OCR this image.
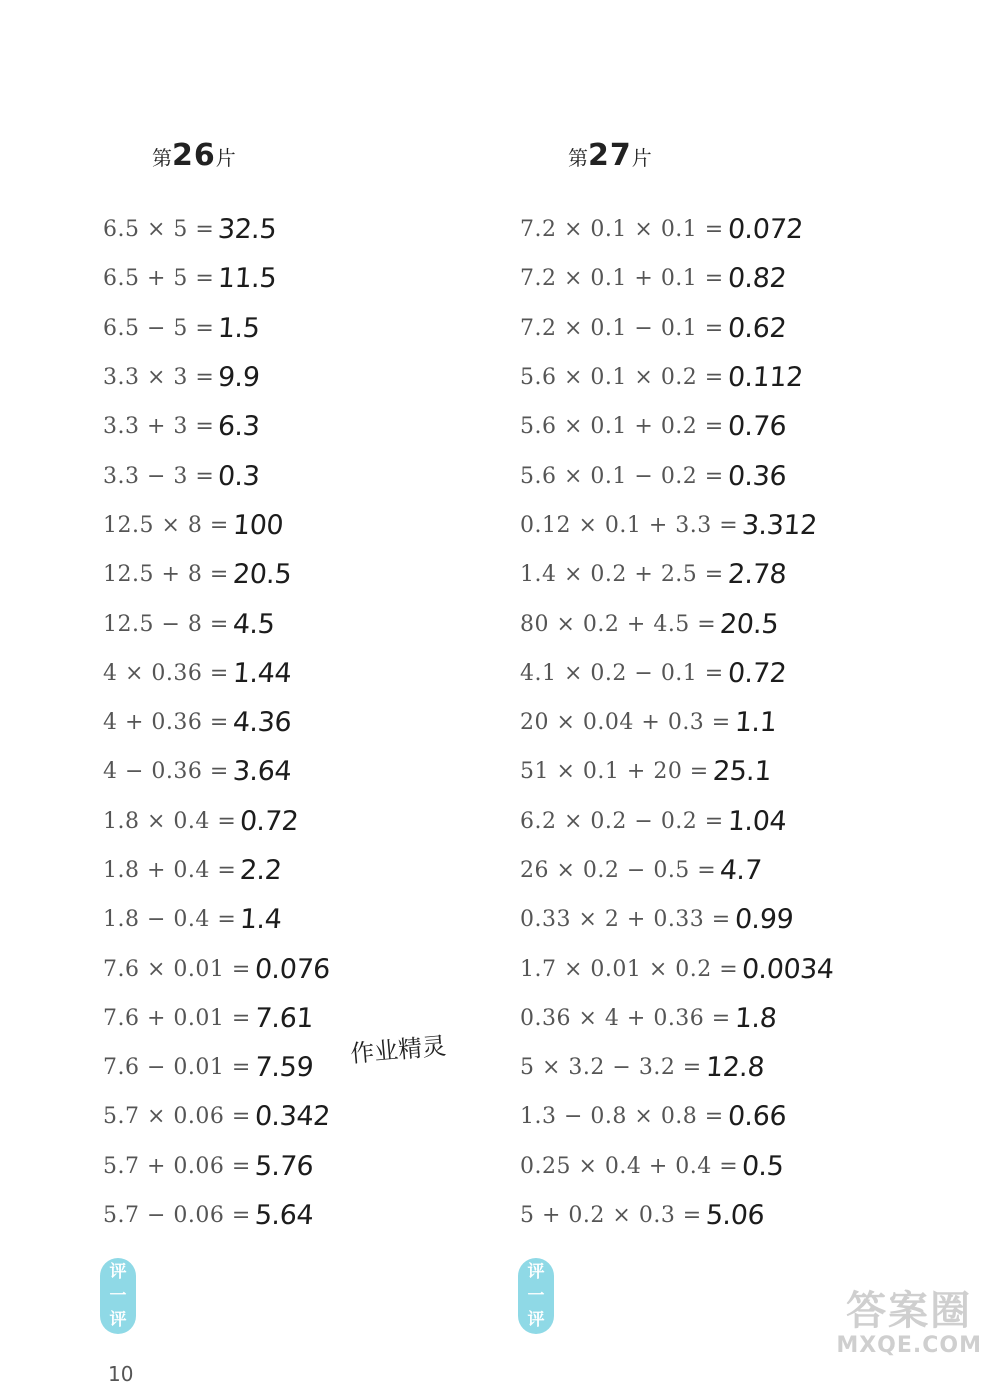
第26片	第27片
6.5 × 5 = 32.5
6.5 + 5 = 11.5
6.5 − 5 = 1.5
3.3 × 3 = 9.9
3.3 + 3 = 6.3
3.3 − 3 = 0.3
12.5 × 8 = 100
12.5 + 8 = 20.5
12.5 − 8 = 4.5
4 × 0.36 = 1.44
4 + 0.36 = 4.36
4 − 0.36 = 3.64
1.8 × 0.4 = 0.72
1.8 + 0.4 = 2.2
1.8 − 0.4 = 1.4
7.6 × 0.01 = 0.076
7.6 + 0.01 = 7.61
7.6 − 0.01 = 7.59
5.7 × 0.06 = 0.342
5.7 + 0.06 = 5.76
5.7 − 0.06 = 5.64
7.2 × 0.1 × 0.1 = 0.072
7.2 × 0.1 + 0.1 = 0.82
7.2 × 0.1 − 0.1 = 0.62
5.6 × 0.1 × 0.2 = 0.112
5.6 × 0.1 + 0.2 = 0.76
5.6 × 0.1 − 0.2 = 0.36
0.12 × 0.1 + 3.3 = 3.312
1.4 × 0.2 + 2.5 = 2.78
80 × 0.2 + 4.5 = 20.5
4.1 × 0.2 − 0.1 = 0.72
20 × 0.04 + 0.3 = 1.1
51 × 0.1 + 20 = 25.1
6.2 × 0.2 − 0.2 = 1.04
26 × 0.2 − 0.5 = 4.7
0.33 × 2 + 0.33 = 0.99
1.7 × 0.01 × 0.2 = 0.0034
0.36 × 4 + 0.36 = 1.8
5 × 3.2 − 3.2 = 12.8
1.3 − 0.8 × 0.8 = 0.66
0.25 × 0.4 + 0.4 = 0.5
5 + 0.2 × 0.3 = 5.06
作业精灵
评
一
评
评
一
评
10
答案圈
MXQE.COM
